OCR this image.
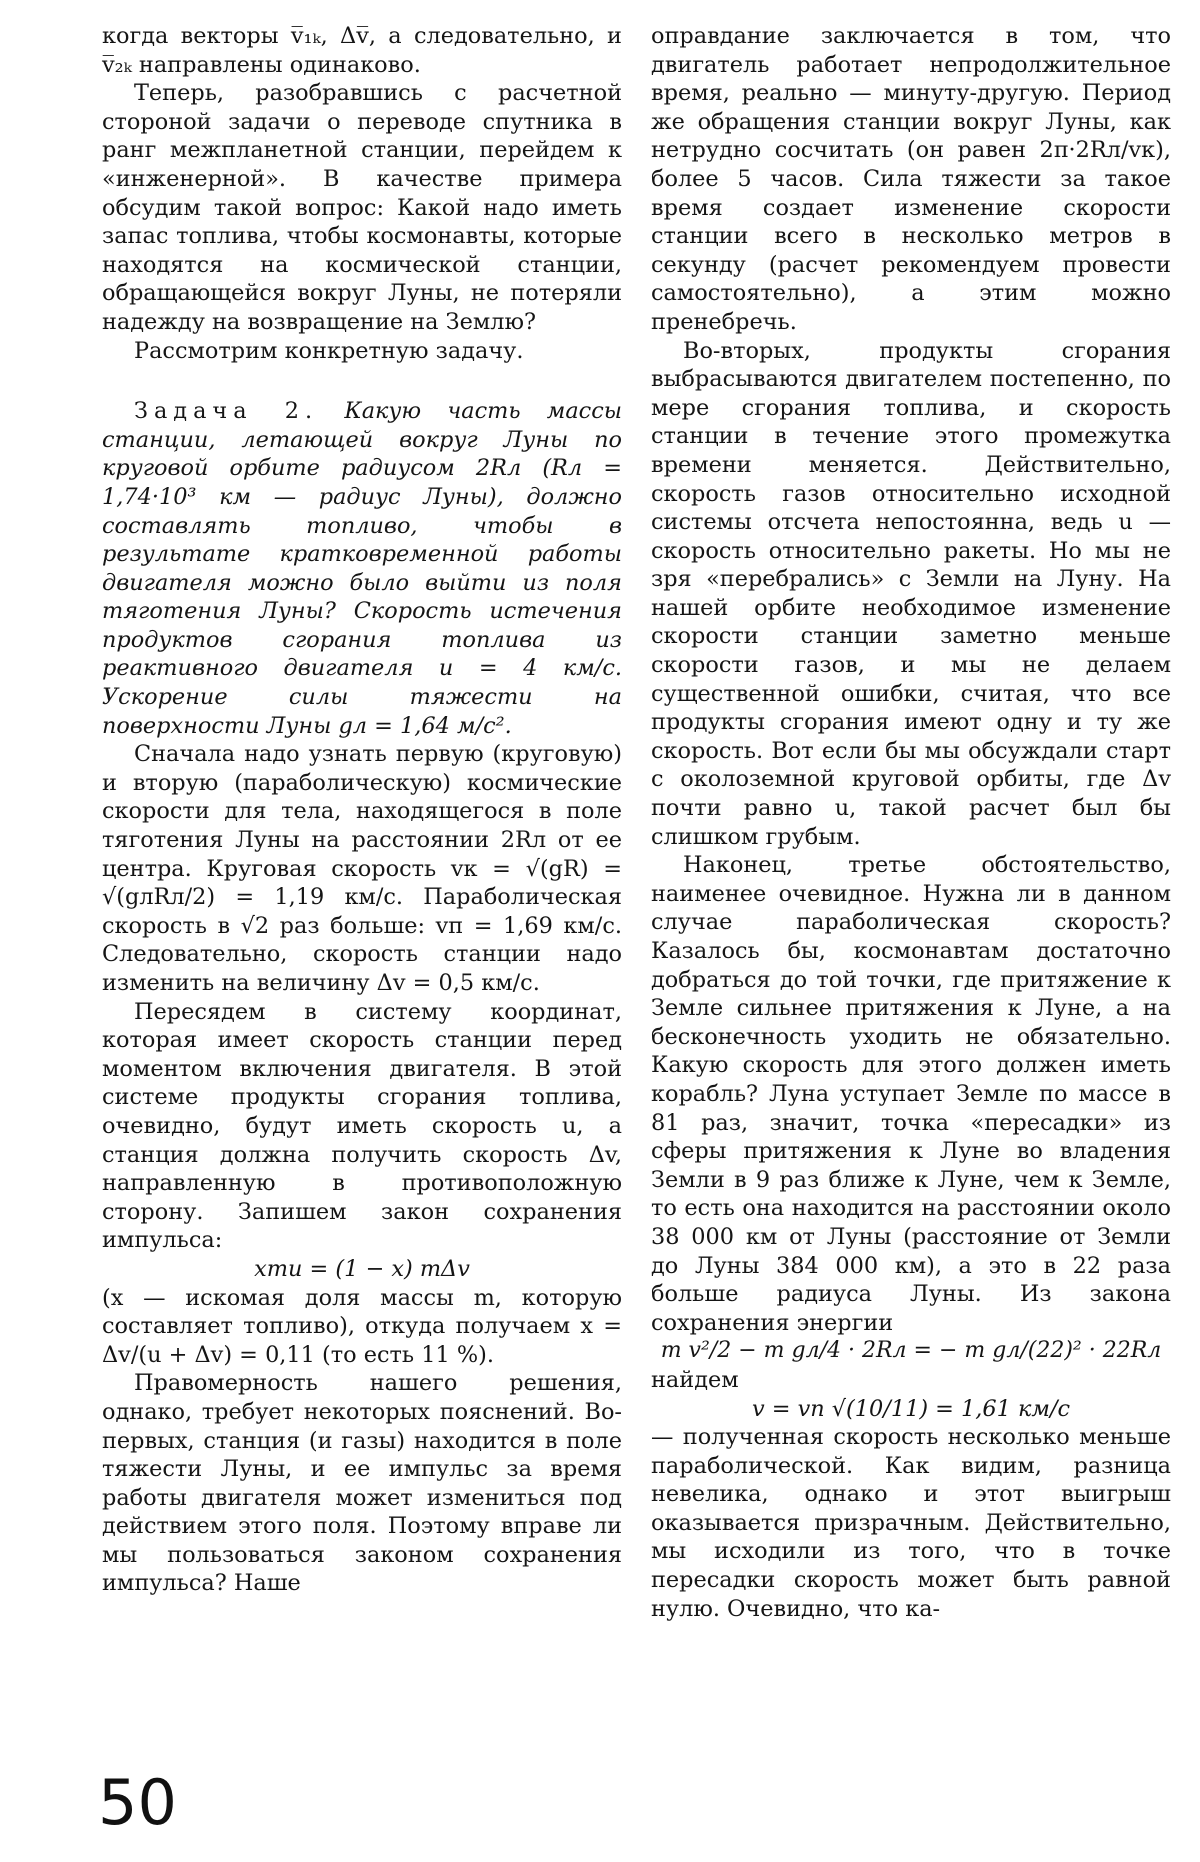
когда векторы v̅₁ₖ, Δv̅, а следовательно, и v̅₂ₖ направлены одинаково.

Теперь, разобравшись с расчетной стороной задачи о переводе спутника в ранг межпланетной станции, перейдем к «инженерной». В качестве примера обсудим такой вопрос: Какой надо иметь запас топлива, чтобы космонавты, которые находятся на космической станции, обращающейся вокруг Луны, не потеряли надежду на возвращение на Землю?

Рассмотрим конкретную задачу.

Задача 2. Какую часть массы станции, летающей вокруг Луны по круговой орбите радиусом 2Rл (Rл = 1,74·10³ км — радиус Луны), должно составлять топливо, чтобы в результате кратковременной работы двигателя можно было выйти из поля тяготения Луны? Скорость истечения продуктов сгорания топлива из реактивного двигателя u = 4 км/с. Ускорение силы тяжести на поверхности Луны gл = 1,64 м/с².

Сначала надо узнать первую (круговую) и вторую (параболическую) космические скорости для тела, находящегося в поле тяготения Луны на расстоянии 2Rл от ее центра. Круговая скорость vк = √(gR) = √(gлRл/2) = 1,19 км/с. Параболическая скорость в √2 раз больше: vп = 1,69 км/с. Следовательно, скорость станции надо изменить на величину Δv = 0,5 км/с.

Пересядем в систему координат, которая имеет скорость станции перед моментом включения двигателя. В этой системе продукты сгорания топлива, очевидно, будут иметь скорость u, а станция должна получить скорость Δv, направленную в противоположную сторону. Запишем закон сохранения импульса:

xmu = (1 − x) mΔv

(x — искомая доля массы m, которую составляет топливо), откуда получаем x = Δv/(u + Δv) = 0,11 (то есть 11 %).

Правомерность нашего решения, однако, требует некоторых пояснений. Во-первых, станция (и газы) находится в поле тяжести Луны, и ее импульс за время работы двигателя может измениться под действием этого поля. Поэтому вправе ли мы пользоваться законом сохранения импульса? Наше

оправдание заключается в том, что двигатель работает непродолжительное время, реально — минуту-другую. Период же обращения станции вокруг Луны, как нетрудно сосчитать (он равен 2π·2Rл/vк), более 5 часов. Сила тяжести за такое время создает изменение скорости станции всего в несколько метров в секунду (расчет рекомендуем провести самостоятельно), а этим можно пренебречь.

Во-вторых, продукты сгорания выбрасываются двигателем постепенно, по мере сгорания топлива, и скорость станции в течение этого промежутка времени меняется. Действительно, скорость газов относительно исходной системы отсчета непостоянна, ведь u — скорость относительно ракеты. Но мы не зря «перебрались» с Земли на Луну. На нашей орбите необходимое изменение скорости станции заметно меньше скорости газов, и мы не делаем существенной ошибки, считая, что все продукты сгорания имеют одну и ту же скорость. Вот если бы мы обсуждали старт с околоземной круговой орбиты, где Δv почти равно u, такой расчет был бы слишком грубым.

Наконец, третье обстоятельство, наименее очевидное. Нужна ли в данном случае параболическая скорость? Казалось бы, космонавтам достаточно добраться до той точки, где притяжение к Земле сильнее притяжения к Луне, а на бесконечность уходить не обязательно. Какую скорость для этого должен иметь корабль? Луна уступает Земле по массе в 81 раз, значит, точка «пересадки» из сферы притяжения к Луне во владения Земли в 9 раз ближе к Луне, чем к Земле, то есть она находится на расстоянии около 38 000 км от Луны (расстояние от Земли до Луны 384 000 км), а это в 22 раза больше радиуса Луны. Из закона сохранения энергии

m v²/2 − m gл/4 · 2Rл = − m gл/(22)² · 22Rл

найдем

v = vп √(10/11) = 1,61 км/с

— полученная скорость несколько меньше параболической. Как видим, разница невелика, однако и этот выигрыш оказывается призрачным. Действительно, мы исходили из того, что в точке пересадки скорость может быть равной нулю. Очевидно, что ка-

50
